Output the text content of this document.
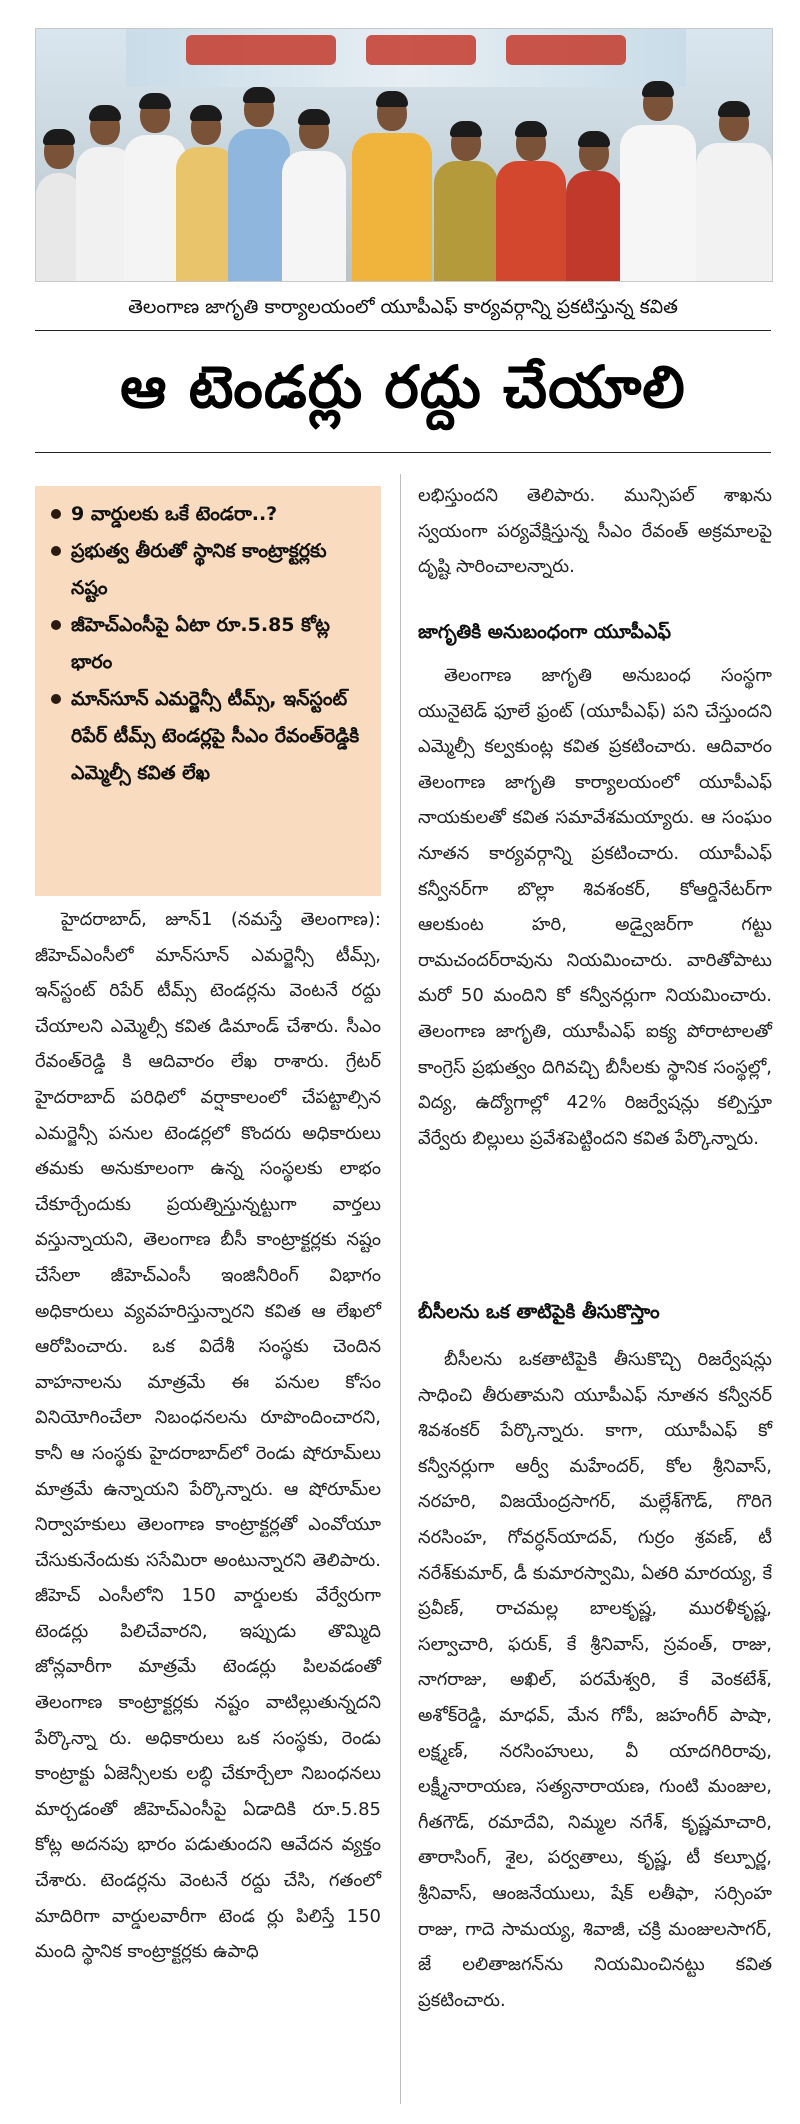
తెలంగాణ జాగృతి కార్యాలయంలో యూపీఎఫ్ కార్యవర్గాన్ని ప్రకటిస్తున్న కవిత
ఆ టెండర్లు రద్దు చేయాలి
9 వార్డులకు ఒకే టెండరా..?
ప్రభుత్వ తీరుతో స్థానిక కాంట్రాక్టర్లకు నష్టం
జీహెచ్‌ఎంసీపై ఏటా రూ.5.85 కోట్ల భారం
మాన్‌సూన్ ఎమర్జెన్సీ టీమ్స్, ఇన్‌స్టంట్ రిపేర్ టీమ్స్ టెండర్లపై సీఎం రేవంత్‌రెడ్డికి ఎమ్మెల్సీ కవిత లేఖ

హైదరాబాద్, జూన్1 (నమస్తే తెలంగాణ): జీహెచ్‌ఎంసీలో మాన్‌సూన్ ఎమర్జెన్సీ టీమ్స్, ఇన్‌స్టంట్ రిపేర్ టీమ్స్ టెండర్లను వెంటనే రద్దు చేయాలని ఎమ్మెల్సీ కవిత డిమాండ్ చేశారు. సీఎం రేవంత్‌రెడ్డి కి ఆదివారం లేఖ రాశారు. గ్రేటర్ హైదరాబాద్ పరిధిలో వర్షాకాలంలో చేపట్టాల్సిన ఎమర్జెన్సీ పనుల టెండర్లలో కొందరు అధికారులు తమకు అనుకూలంగా ఉన్న సంస్థలకు లాభం చేకూర్చేందుకు ప్రయత్నిస్తున్నట్టుగా వార్తలు వస్తున్నాయని, తెలంగాణ బీసీ కాంట్రాక్టర్లకు నష్టం చేసేలా జీహెచ్‌ఎంసీ ఇంజినీరింగ్ విభాగం అధికారులు వ్యవహరిస్తున్నారని కవిత ఆ లేఖలో ఆరోపించారు. ఒక విదేశీ సంస్థకు చెందిన వాహనాలను మాత్రమే ఈ పనుల కోసం వినియోగించేలా నిబంధనలను రూపొందించారని, కానీ ఆ సంస్థకు హైదరాబాద్‌లో రెండు షోరూమ్‌లు మాత్రమే ఉన్నాయని పేర్కొన్నారు. ఆ షోరూమ్‌ల నిర్వాహకులు తెలంగాణ కాంట్రాక్టర్లతో ఎంవోయూ చేసుకునేందుకు ససేమిరా అంటున్నారని తెలిపారు. జీహెచ్ ఎంసీలోని 150 వార్డులకు వేర్వేరుగా టెండర్లు పిలిచేవారని, ఇప్పుడు తొమ్మిది జోన్లవారీగా మాత్రమే టెండర్లు పిలవడంతో తెలంగాణ కాంట్రాక్టర్లకు నష్టం వాటిల్లుతున్నదని పేర్కొన్నా రు. అధికారులు ఒక సంస్థకు, రెండు కాంట్రాక్టు ఏజెన్సీలకు లబ్ధి చేకూర్చేలా నిబంధనలు మార్చడంతో జీహెచ్‌ఎంసీపై ఏడాదికి రూ.5.85 కోట్ల అదనపు భారం పడుతుందని ఆవేదన వ్యక్తం చేశారు. టెండర్లను వెంటనే రద్దు చేసి, గతంలో మాదిరిగా వార్డులవారీగా టెండ ర్లు పిలిస్తే 150 మంది స్థానిక కాంట్రాక్టర్లకు ఉపాధి

లభిస్తుందని తెలిపారు. మున్సిపల్ శాఖను స్వయంగా పర్యవేక్షిస్తున్న సీఎం రేవంత్ అక్రమాలపై దృష్టి సారించాలన్నారు.

జాగృతికి అనుబంధంగా యూపీఎఫ్

తెలంగాణ జాగృతి అనుబంధ సంస్థగా యునైటెడ్ ఫూలే ఫ్రంట్ (యూపీఎఫ్) పని చేస్తుందని ఎమ్మెల్సీ కల్వకుంట్ల కవిత ప్రకటించారు. ఆదివారం తెలంగాణ జాగృతి కార్యాలయంలో యూపీఎఫ్ నాయకులతో కవిత సమావేశమయ్యారు. ఆ సంఘం నూతన కార్యవర్గాన్ని ప్రకటించారు. యూపీఎఫ్ కన్వీనర్‌గా బొల్లా శివశంకర్, కోఆర్డినేటర్‌గా ఆలకుంట హరి, అడ్వైజర్‌గా గట్టు రామచందర్‌రావును నియమించారు. వారితోపాటు మరో 50 మందిని కో కన్వీనర్లుగా నియమించారు. తెలంగాణ జాగృతి, యూపీఎఫ్ ఐక్య పోరాటాలతో కాంగ్రెస్ ప్రభుత్వం దిగివచ్చి బీసీలకు స్థానిక సంస్థల్లో, విద్య, ఉద్యోగాల్లో 42% రిజర్వేషన్లు కల్పిస్తూ వేర్వేరు బిల్లులు ప్రవేశపెట్టిందని కవిత పేర్కొన్నారు.

బీసీలను ఒక తాటిపైకి తీసుకొస్తాం

బీసీలను ఒకతాటిపైకి తీసుకొచ్చి రిజర్వేషన్లు సాధించి తీరుతామని యూపీఎఫ్ నూతన కన్వీనర్ శివశంకర్ పేర్కొన్నారు. కాగా, యూపీఎఫ్ కో కన్వీనర్లుగా ఆర్వీ మహేందర్, కోల శ్రీనివాస్, నరహరి, విజయేంద్రసాగర్, మల్లేశ్‌గౌడ్, గొరిగె నరసింహ, గోవర్ధన్‌యాదవ్, గుర్రం శ్రవణ్, టీ నరేశ్‌కుమార్, డీ కుమారస్వామి, ఏతరి మారయ్య, కే ప్రవీణ్, రాచమల్ల బాలకృష్ణ, మురళీకృష్ణ, సల్వాచారి, ఫరుక్, కే శ్రీనివాస్, స్రవంత్, రాజు, నాగరాజు, అఖిల్, పరమేశ్వరి, కే వెంకటేశ్, అశోక్‌రెడ్డి, మాధవ్, మేన గోపీ, జహంగీర్ పాషా, లక్ష్మణ్, నరసింహులు, వీ యాదగిరిరావు, లక్ష్మీనారాయణ, సత్యనారాయణ, గుంటి మంజుల, గీతగౌడ్, రమాదేవి, నిమ్మల నగేశ్, కృష్ణమాచారి, తారాసింగ్, శైల, పర్వతాలు, కృష్ణ, టీ కల్పూర్ణ, శ్రీనివాస్, ఆంజనేయులు, షేక్ లతీఫా, సర్సింహ రాజు, గాదె సామయ్య, శివాజీ, చక్రి మంజులసాగర్, జే లలితాజగన్‌ను నియమించినట్టు కవిత ప్రకటించారు.
